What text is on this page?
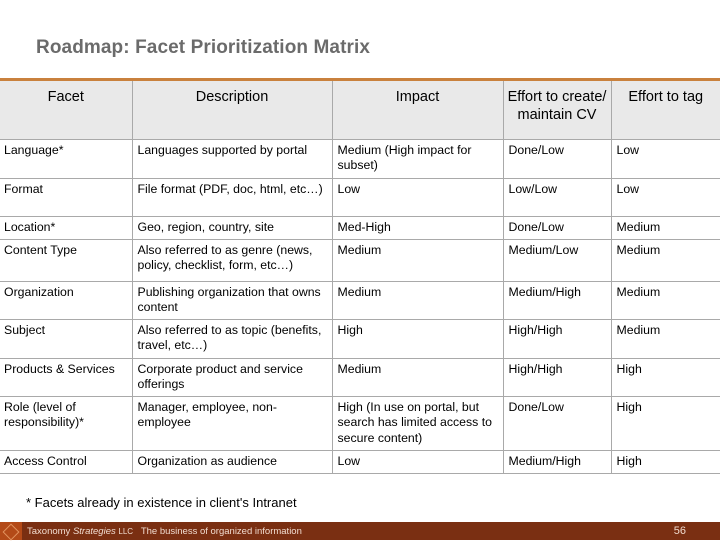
Roadmap: Facet Prioritization Matrix
Facet	Description	Impact	Effort to create/ maintain CV	Effort to tag
Language*	Languages supported by portal	Medium (High impact for subset)	Done/Low	Low
Format	File format (PDF, doc, html, etc…)	Low	Low/Low	Low
Location*	Geo, region, country, site	Med-High	Done/Low	Medium
Content Type	Also referred to as genre (news, policy, checklist, form, etc…)	Medium	Medium/Low	Medium
Organization	Publishing organization that owns content	Medium	Medium/High	Medium
Subject	Also referred to as topic (benefits, travel, etc…)	High	High/High	Medium
Products & Services	Corporate product and service offerings	Medium	High/High	High
Role (level of responsibility)*	Manager, employee, non-employee	High (In use on portal, but search has limited access to secure content)	Done/Low	High
Access Control	Organization as audience	Low	Medium/High	High
* Facets already in existence in client's Intranet
Taxonomy Strategies LLC The business of organized information	56
